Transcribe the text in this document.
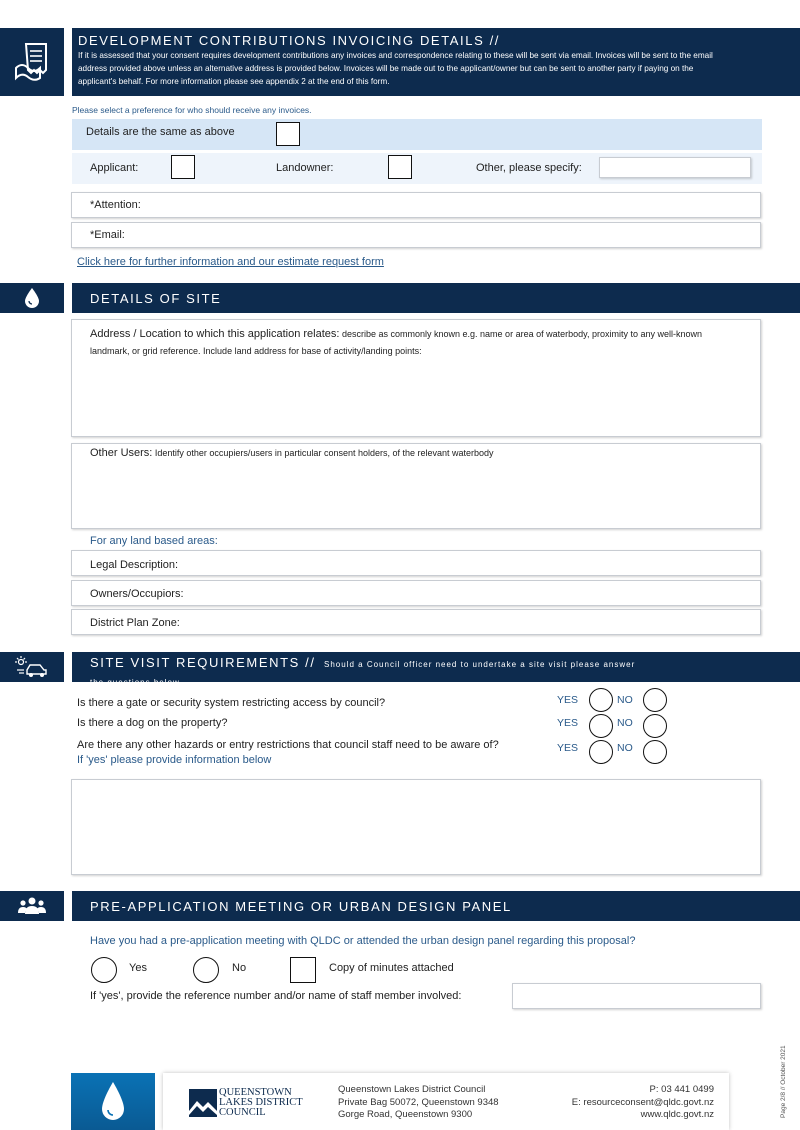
DEVELOPMENT CONTRIBUTIONS INVOICING DETAILS //
If it is assessed that your consent requires development contributions any invoices and correspondence relating to these will be sent via email. Invoices will be sent to the email address provided above unless an alternative address is provided below. Invoices will be made out to the applicant/owner but can be sent to another party if paying on the applicant's behalf. For more information please see appendix 2 at the end of this form.
Please select a preference for who should receive any invoices.
Details are the same as above
Applicant:	Landowner:	Other, please specify:
*Attention:
*Email:
Click here for further information and our estimate request form
DETAILS OF SITE
Address / Location to which this application relates: describe as commonly known e.g. name or area of waterbody, proximity to any well-known landmark, or grid reference. Include land address for base of activity/landing points:
Other Users: Identify other occupiers/users in particular consent holders, of the relevant waterbody
For any land based areas:
Legal Description:
Owners/Occupiors:
District Plan Zone:
SITE VISIT REQUIREMENTS // Should a Council officer need to undertake a site visit please answer the questions below
Is there a gate or security system restricting access by council?	YES	NO
Is there a dog on the property?	YES	NO
Are there any other hazards or entry restrictions that council staff need to be aware of?
If 'yes' please provide information below
YES	NO
PRE-APPLICATION MEETING OR URBAN DESIGN PANEL
Have you had a pre-application meeting with QLDC or attended the urban design panel regarding this proposal?
Yes	No	Copy of minutes attached
If 'yes', provide the reference number and/or name of staff member involved:
QUEENSTOWN
LAKES DISTRICT
COUNCIL
Queenstown Lakes District Council
Private Bag 50072, Queenstown 9348
Gorge Road, Queenstown 9300
P: 03 441 0499
E: resourceconsent@qldc.govt.nz
www.qldc.govt.nz	Page 2/8 // October 2021
